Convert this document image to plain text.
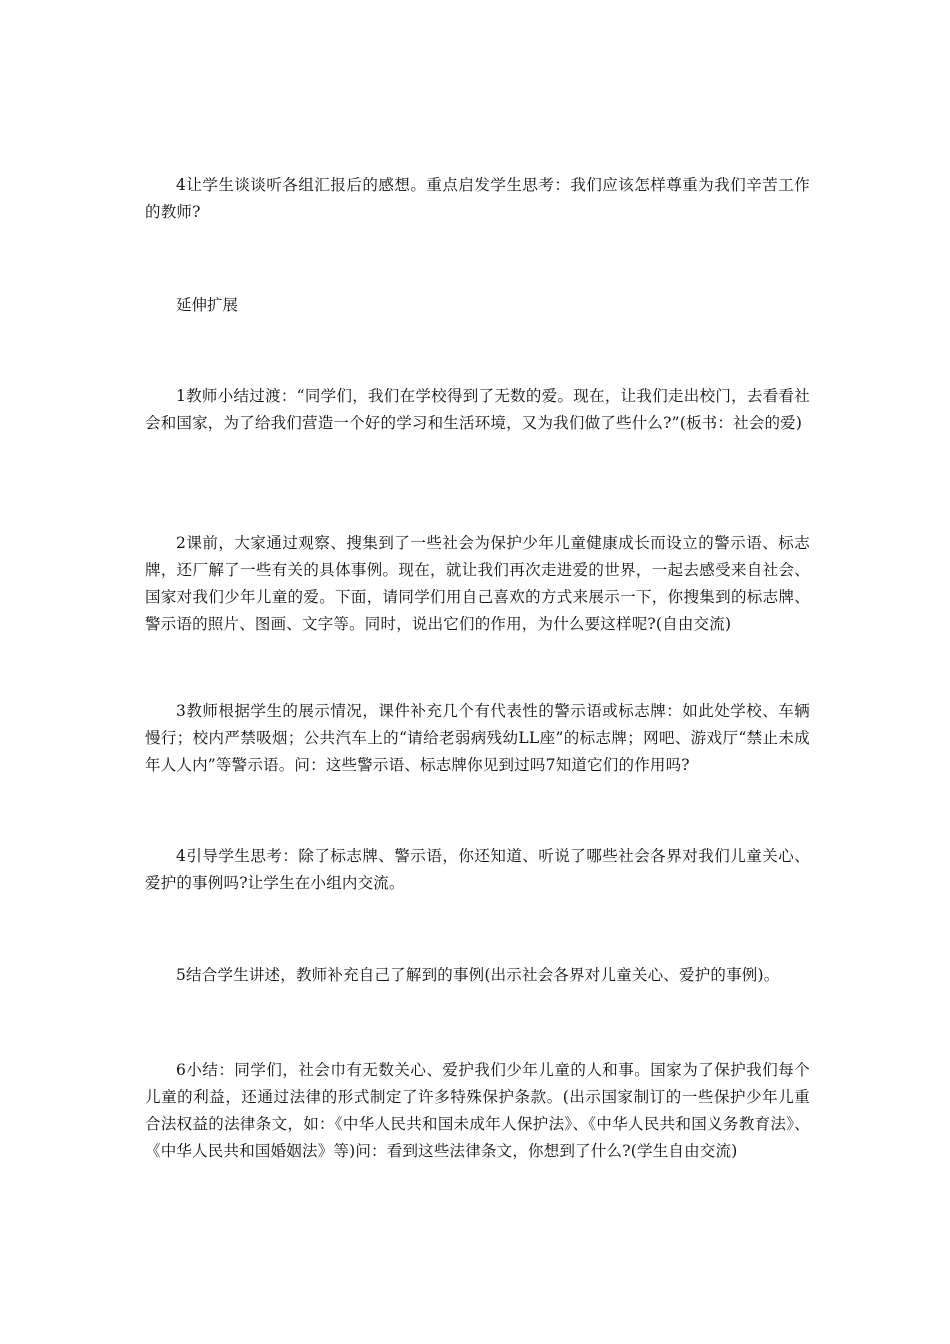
4让学生谈谈听各组汇报后的感想。重点启发学生思考：我们应该怎样尊重为我们辛苦工作的教师?

延伸扩展

1教师小结过渡：“同学们，我们在学校得到了无数的爱。现在，让我们走出校门，去看看社会和国家，为了给我们营造一个好的学习和生活环境，又为我们做了些什么?”(板书：社会的爱)

2课前，大家通过观察、搜集到了一些社会为保护少年儿童健康成长而设立的警示语、标志牌，还厂解了一些有关的具体事例。现在，就让我们再次走进爱的世界，一起去感受来自社会、国家对我们少年儿童的爱。下面，请同学们用自己喜欢的方式来展示一下，你搜集到的标志牌、警示语的照片、图画、文字等。同时，说出它们的作用，为什么要这样呢?(自由交流)

3教师根据学生的展示情况，课件补充几个有代表性的警示语或标志牌：如此处学校、车辆慢行；校内严禁吸烟；公共汽车上的“请给老弱病残幼LL座”的标志牌；网吧、游戏厅“禁止未成年人人内”等警示语。问：这些警示语、标志牌你见到过吗7知道它们的作用吗?

4引导学生思考：除了标志牌、警示语，你还知道、听说了哪些社会各界对我们儿童关心、爱护的事例吗?让学生在小组内交流。

5结合学生讲述，教师补充自己了解到的事例(出示社会各界对儿童关心、爱护的事例)。

6小结：同学们，社会巾有无数关心、爱护我们少年儿童的人和事。国家为了保护我们每个儿童的利益，还通过法律的形式制定了许多特殊保护条款。(出示国家制订的一些保护少年儿重合法权益的法律条文，如：《中华人民共和国未成年人保护法》、《中华人民共和国义务教育法》、《中华人民共和国婚姻法》等)问：看到这些法律条文，你想到了什么?(学生自由交流)
